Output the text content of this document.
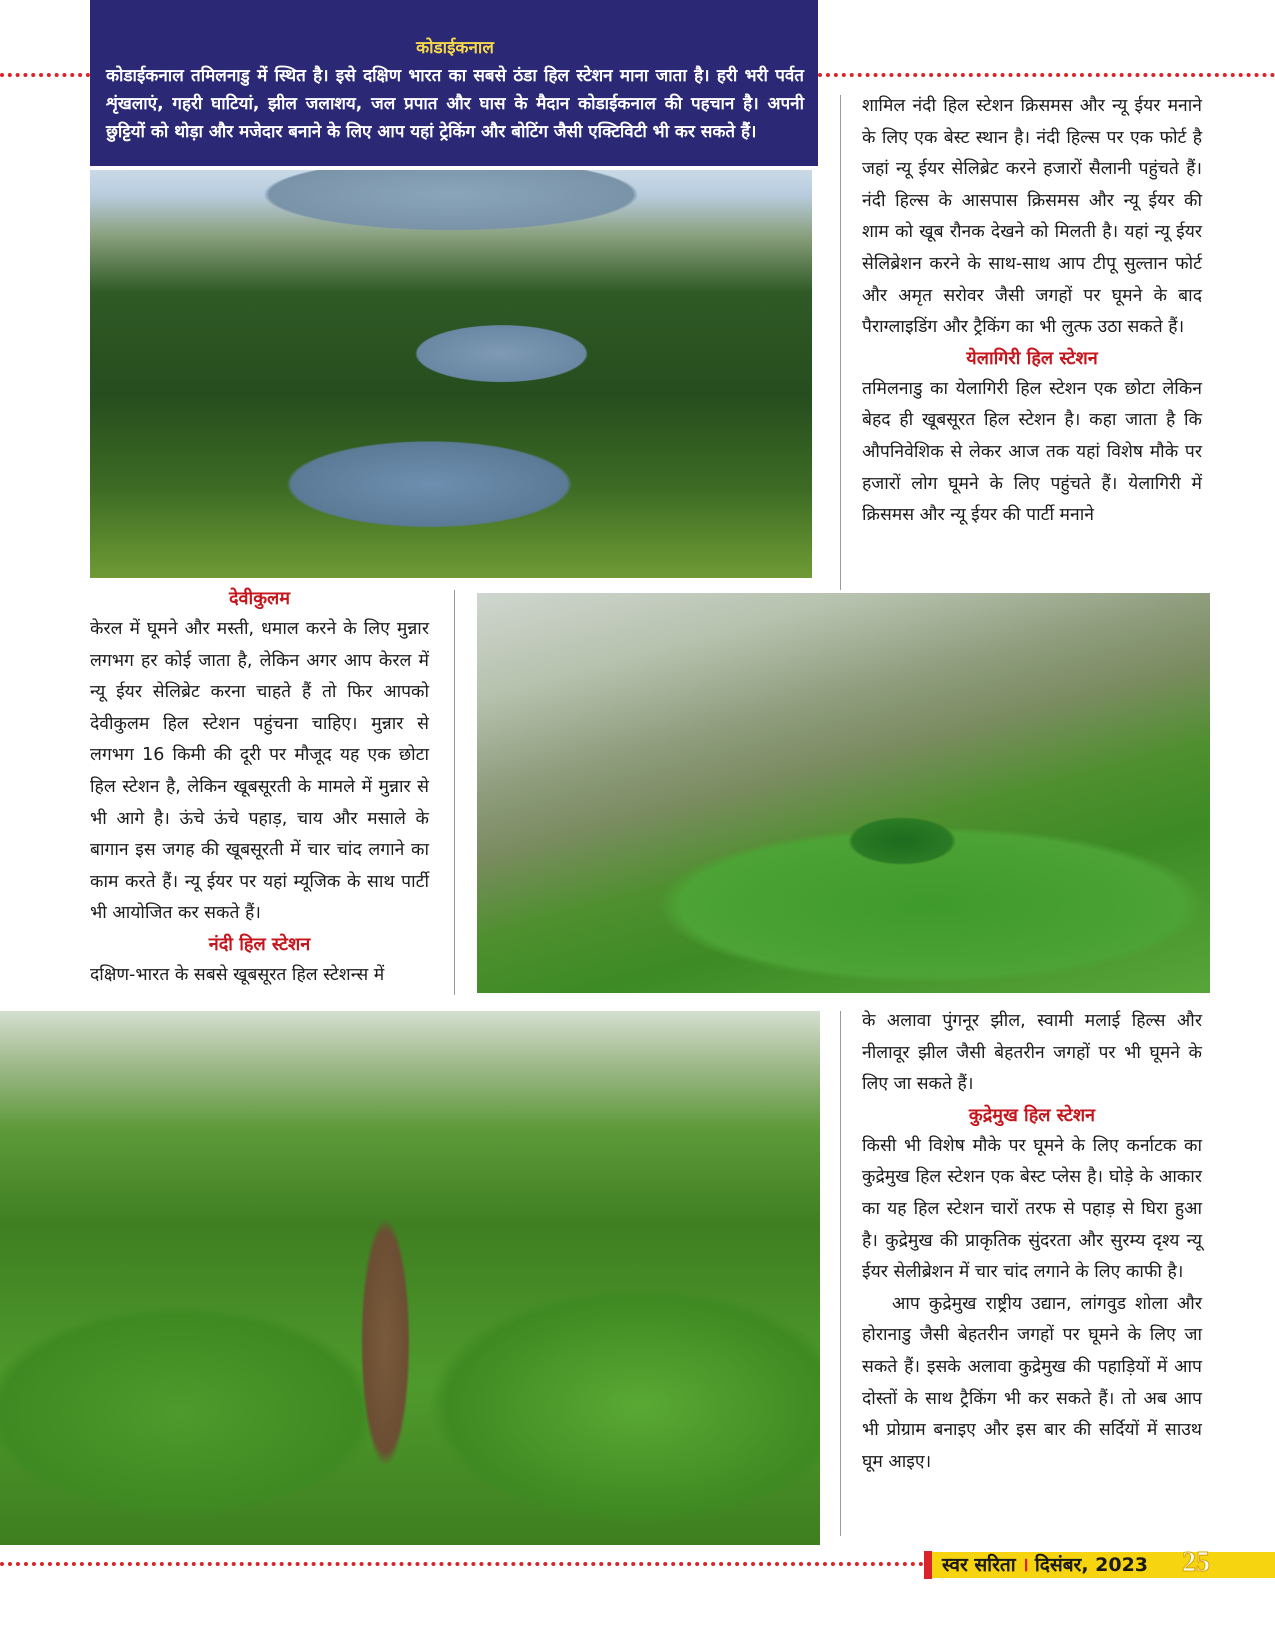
कोडाईकनाल
कोडाईकनाल तमिलनाडु में स्थित है। इसे दक्षिण भारत का सबसे ठंडा हिल स्टेशन माना जाता है। हरी भरी पर्वत शृंखलाएं, गहरी घाटियां, झील जलाशय, जल प्रपात और घास के मैदान कोडाईकनाल की पहचान है। अपनी छुट्टियों को थोड़ा और मजेदार बनाने के लिए आप यहां ट्रेकिंग और बोटिंग जैसी एक्टिविटी भी कर सकते हैं।

शामिल नंदी हिल स्टेशन क्रिसमस और न्यू ईयर मनाने के लिए एक बेस्ट स्थान है। नंदी हिल्स पर एक फोर्ट है जहां न्यू ईयर सेलिब्रेट करने हजारों सैलानी पहुंचते हैं। नंदी हिल्स के आसपास क्रिसमस और न्यू ईयर की शाम को खूब रौनक देखने को मिलती है। यहां न्यू ईयर सेलिब्रेशन करने के साथ-साथ आप टीपू सुल्तान फोर्ट और अमृत सरोवर जैसी जगहों पर घूमने के बाद पैराग्लाइडिंग और ट्रैकिंग का भी लुत्फ उठा सकते हैं।

येलागिरी हिल स्टेशन

तमिलनाडु का येलागिरी हिल स्टेशन एक छोटा लेकिन बेहद ही खूबसूरत हिल स्टेशन है। कहा जाता है कि औपनिवेशिक से लेकर आज तक यहां विशेष मौके पर हजारों लोग घूमने के लिए पहुंचते हैं। येलागिरी में क्रिसमस और न्यू ईयर की पार्टी मनाने

देवीकुलम

केरल में घूमने और मस्ती, धमाल करने के लिए मुन्नार लगभग हर कोई जाता है, लेकिन अगर आप केरल में न्यू ईयर सेलिब्रेट करना चाहते हैं तो फिर आपको देवीकुलम हिल स्टेशन पहुंचना चाहिए। मुन्नार से लगभग 16 किमी की दूरी पर मौजूद यह एक छोटा हिल स्टेशन है, लेकिन खूबसूरती के मामले में मुन्नार से भी आगे है। ऊंचे ऊंचे पहाड़, चाय और मसाले के बागान इस जगह की खूबसूरती में चार चांद लगाने का काम करते हैं। न्यू ईयर पर यहां म्यूजिक के साथ पार्टी भी आयोजित कर सकते हैं।

नंदी हिल स्टेशन

दक्षिण-भारत के सबसे खूबसूरत हिल स्टेशन्स में

के अलावा पुंगनूर झील, स्वामी मलाई हिल्स और नीलावूर झील जैसी बेहतरीन जगहों पर भी घूमने के लिए जा सकते हैं।

कुद्रेमुख हिल स्टेशन

किसी भी विशेष मौके पर घूमने के लिए कर्नाटक का कुद्रेमुख हिल स्टेशन एक बेस्ट प्लेस है। घोड़े के आकार का यह हिल स्टेशन चारों तरफ से पहाड़ से घिरा हुआ है। कुद्रेमुख की प्राकृतिक सुंदरता और सुरम्य दृश्य न्यू ईयर सेलीब्रेशन में चार चांद लगाने के लिए काफी है।

आप कुद्रेमुख राष्ट्रीय उद्यान, लांगवुड शोला और होरानाडु जैसी बेहतरीन जगहों पर घूमने के लिए जा सकते हैं। इसके अलावा कुद्रेमुख की पहाड़ियों में आप दोस्तों के साथ ट्रैकिंग भी कर सकते हैं। तो अब आप भी प्रोग्राम बनाइए और इस बार की सर्दियों में साउथ घूम आइए।

स्वर सरिता । दिसंबर, 2023 25
